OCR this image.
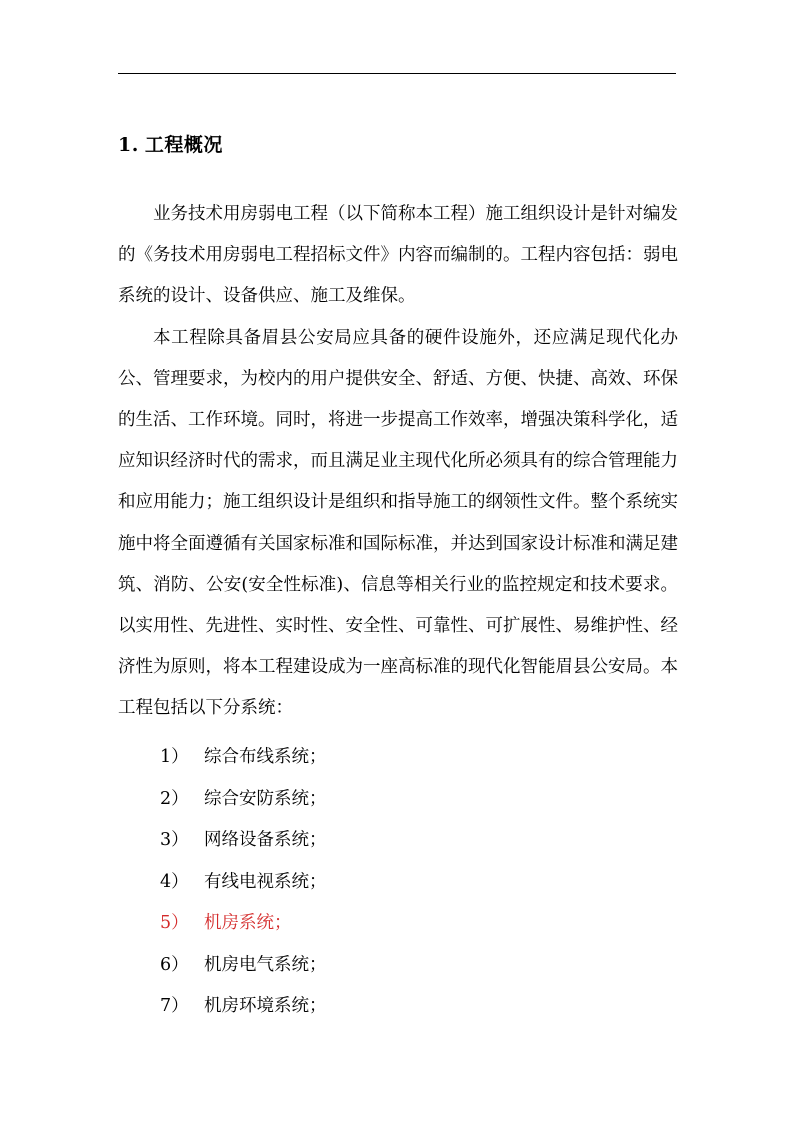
1. 工程概况

业务技术用房弱电工程（以下简称本工程）施工组织设计是针对编发的《务技术用房弱电工程招标文件》内容而编制的。工程内容包括：弱电系统的设计、设备供应、施工及维保。

本工程除具备眉县公安局应具备的硬件设施外，还应满足现代化办公、管理要求，为校内的用户提供安全、舒适、方便、快捷、高效、环保的生活、工作环境。同时，将进一步提高工作效率，增强决策科学化，适应知识经济时代的需求，而且满足业主现代化所必须具有的综合管理能力和应用能力；施工组织设计是组织和指导施工的纲领性文件。整个系统实施中将全面遵循有关国家标准和国际标准，并达到国家设计标准和满足建筑、消防、公安(安全性标准)、信息等相关行业的监控规定和技术要求。以实用性、先进性、实时性、安全性、可靠性、可扩展性、易维护性、经济性为原则，将本工程建设成为一座高标准的现代化智能眉县公安局。本工程包括以下分系统：

1） 综合布线系统；
2） 综合安防系统；
3） 网络设备系统；
4） 有线电视系统；
5） 机房系统；
6） 机房电气系统；
7） 机房环境系统；
